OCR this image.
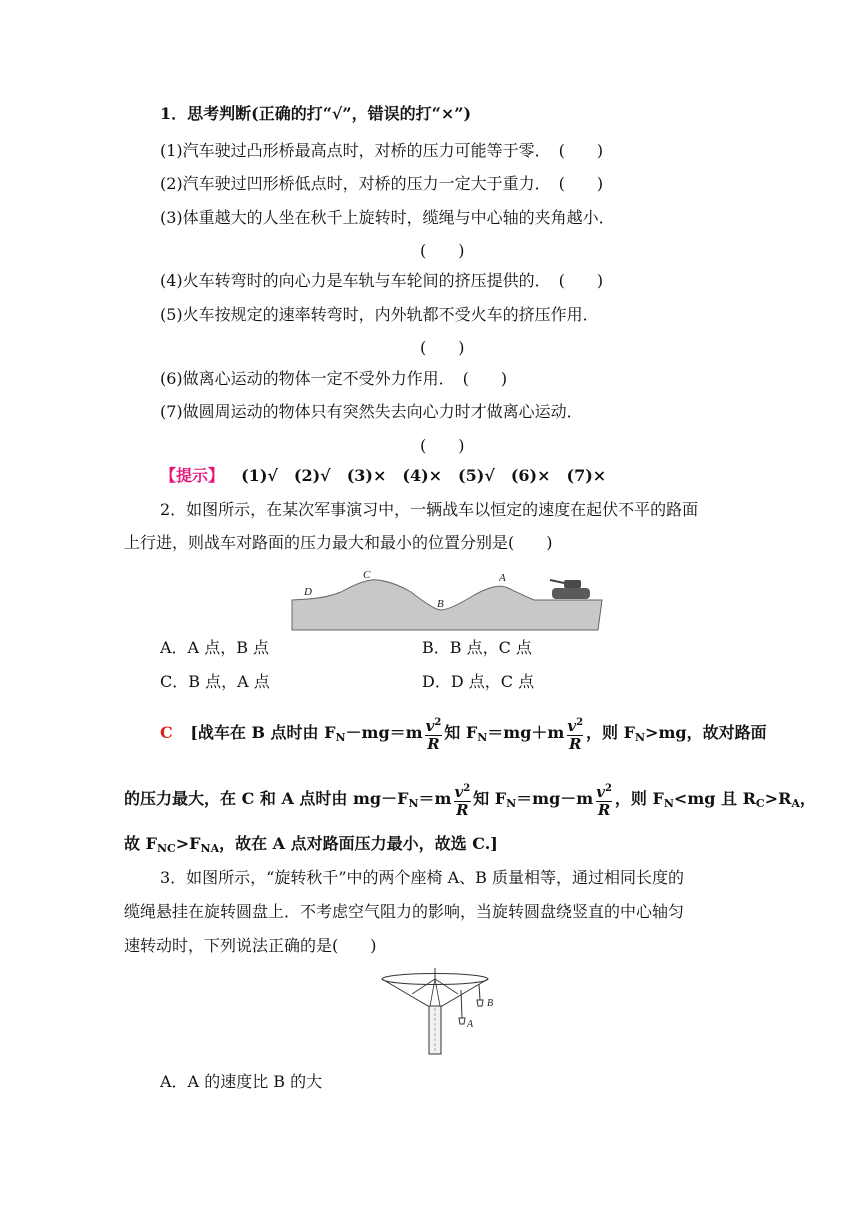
1．思考判断(正确的打“√”，错误的打“×”)
(1)汽车驶过凸形桥最高点时，对桥的压力可能等于零．　(　　)
(2)汽车驶过凹形桥低点时，对桥的压力一定大于重力．　(　　)
(3)体重越大的人坐在秋千上旋转时，缆绳与中心轴的夹角越小．
(　　)
(4)火车转弯时的向心力是车轨与车轮间的挤压提供的．　(　　)
(5)火车按规定的速率转弯时，内外轨都不受火车的挤压作用．
(　　)
(6)做离心运动的物体一定不受外力作用．　(　　)
(7)做圆周运动的物体只有突然失去向心力时才做离心运动．
(　　)
【提示】 (1)√　(2)√　(3)×　(4)×　(5)√　(6)×　(7)×
2．如图所示，在某次军事演习中，一辆战车以恒定的速度在起伏不平的路面
上行进，则战车对路面的压力最大和最小的位置分别是(　　)
D
C
B
A
A．A 点，B 点	B．B 点，C 点
C．B 点，A 点	D．D 点，C 点
C [战车在 B 点时由 $F_N-mg=m \frac{v^2}{R}$ 知 $F_N=mg+m \frac{v^2}{R}$ ，则 $F_N>mg$，故对路面
的压力最大，在 C 和 A 点时由 $mg-F_N=m \frac{v^2}{R}$ 知 $F_N=mg-m \frac{v^2}{R}$ ，则 $F_N<mg$ 且 $R_C>R_A$，
故 $F_{NC}>F_{NA}$，故在 A 点对路面压力最小，故选 C.]
3．如图所示，“旋转秋千”中的两个座椅 A、B 质量相等，通过相同长度的
缆绳悬挂在旋转圆盘上．不考虑空气阻力的影响，当旋转圆盘绕竖直的中心轴匀
速转动时，下列说法正确的是(　　)
A
B
A．A 的速度比 B 的大
